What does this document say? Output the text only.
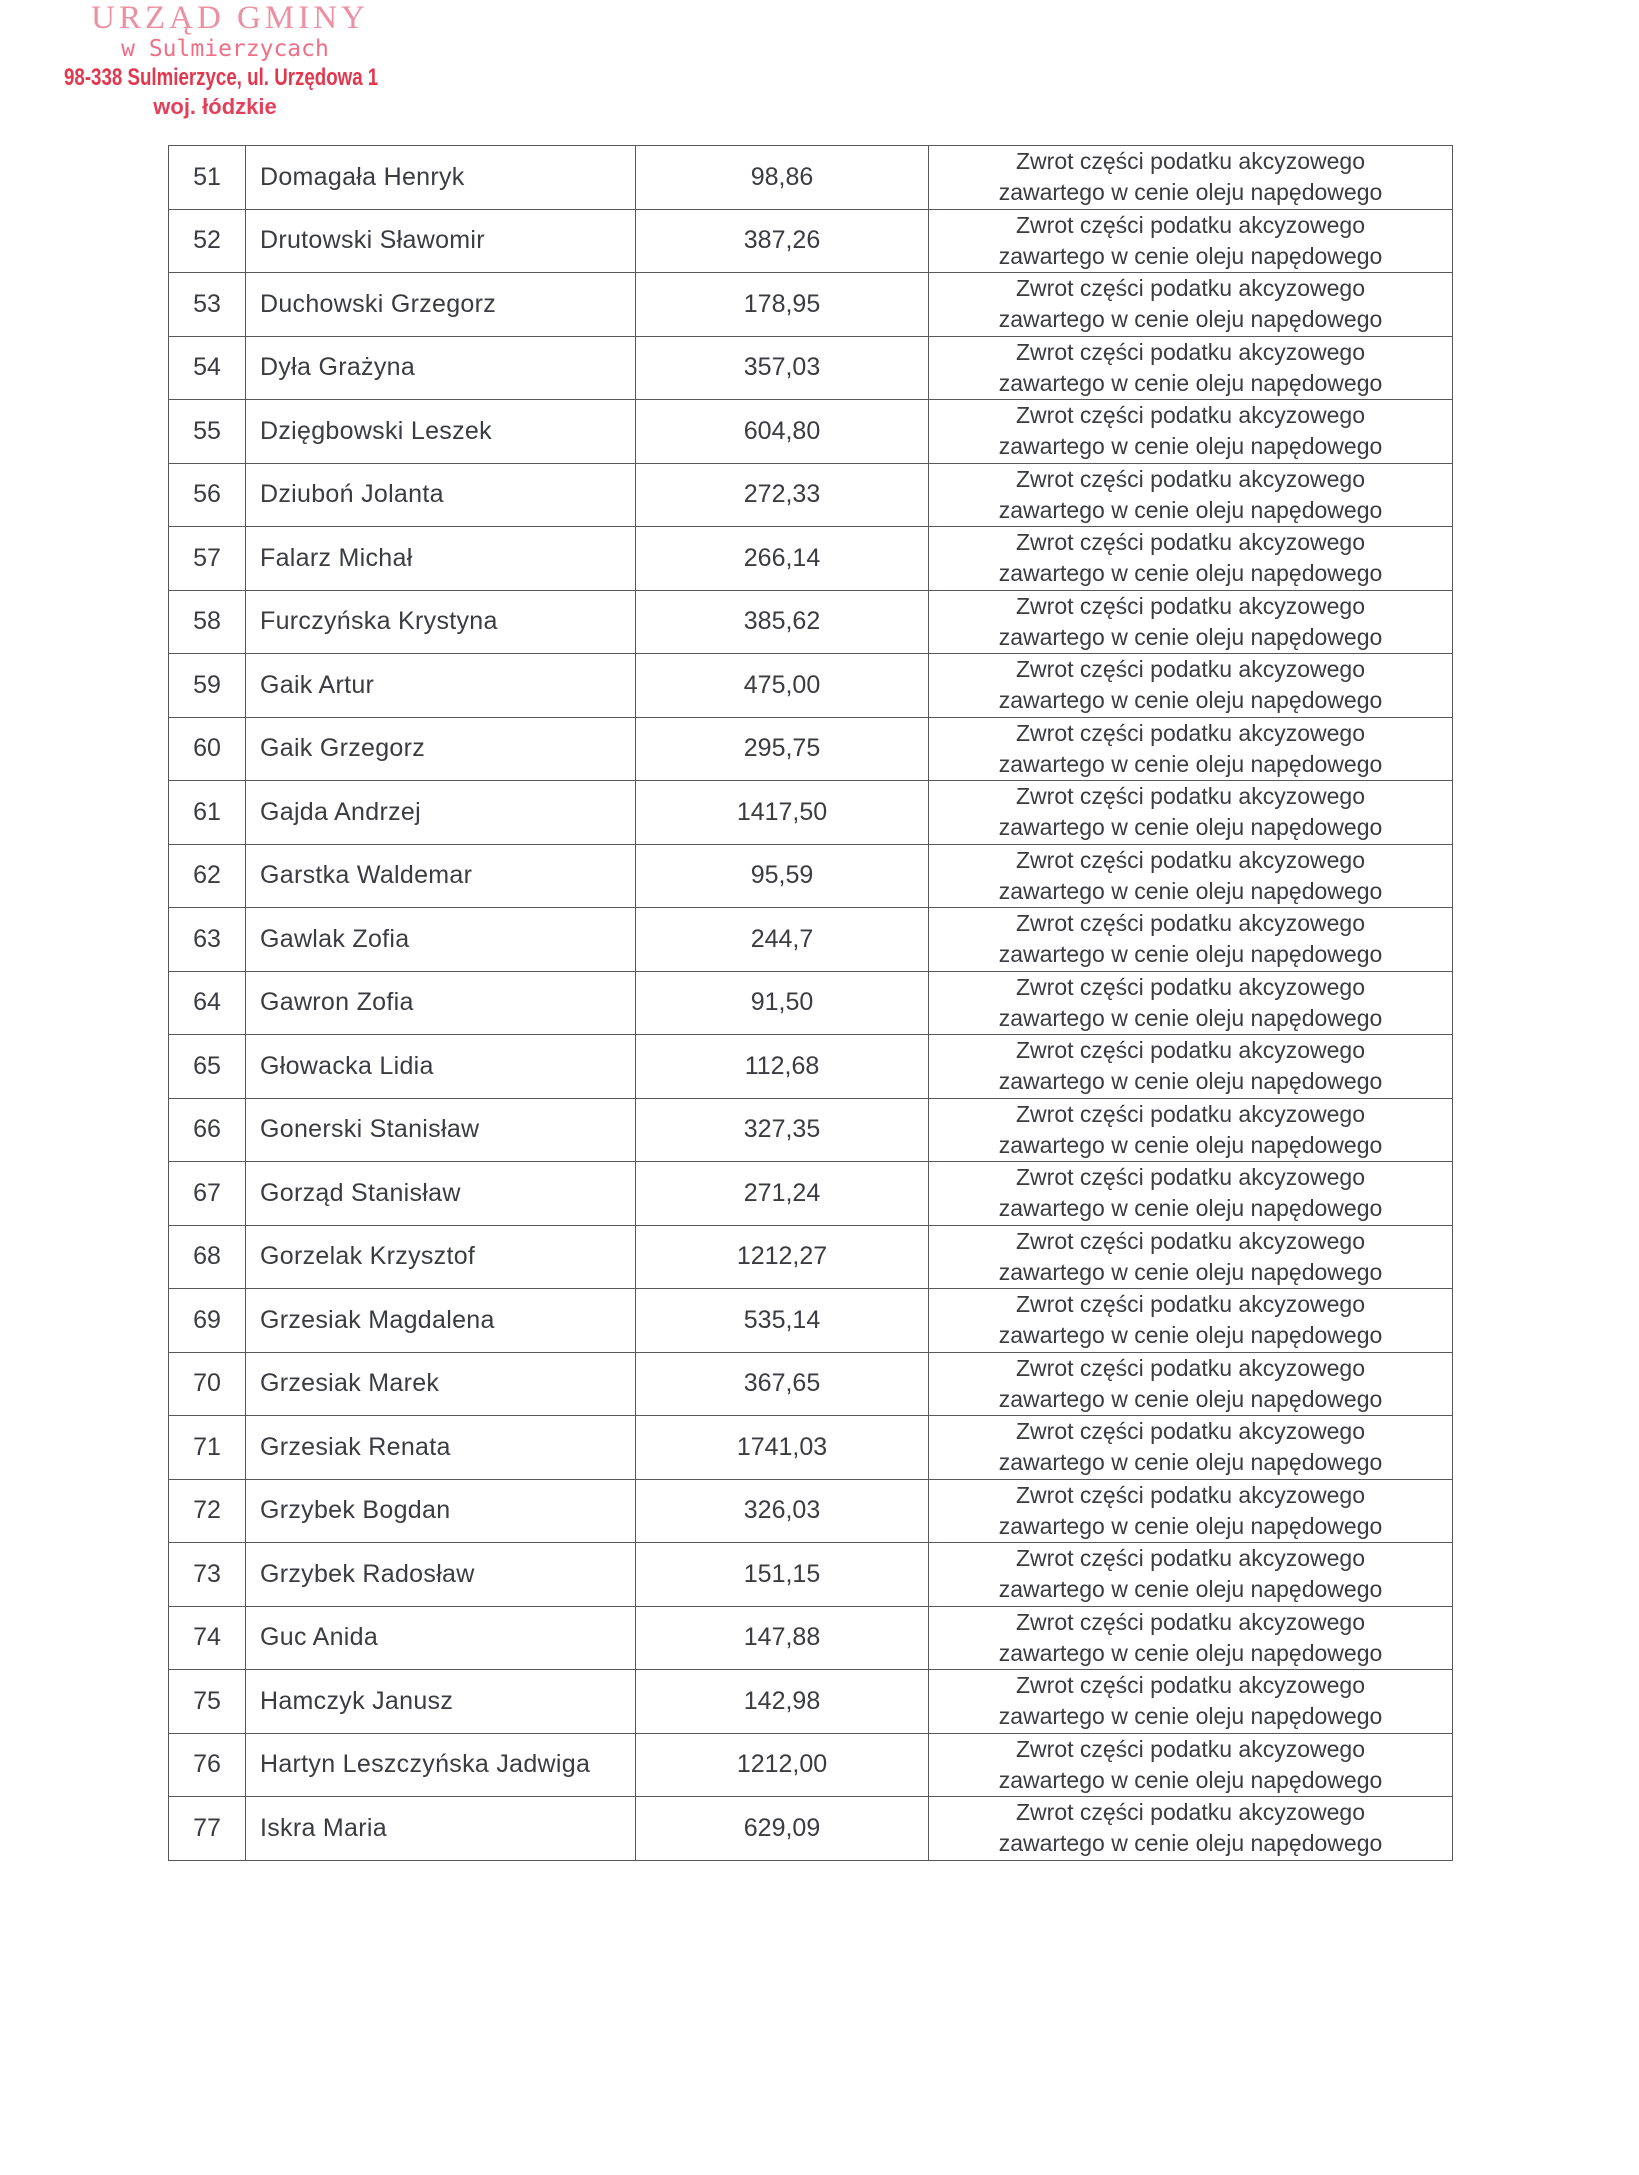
URZĄD GMINY
w Sulmierzycach
98-338 Sulmierzyce, ul. Urzędowa 1
woj. łódzkie
51	Domagała Henryk	98,86	Zwrot części podatku akcyzowego
zawartego w cenie oleju napędowego

52	Drutowski Sławomir	387,26	Zwrot części podatku akcyzowego
zawartego w cenie oleju napędowego

53	Duchowski Grzegorz	178,95	Zwrot części podatku akcyzowego
zawartego w cenie oleju napędowego

54	Dyła Grażyna	357,03	Zwrot części podatku akcyzowego
zawartego w cenie oleju napędowego

55	Dzięgbowski Leszek	604,80	Zwrot części podatku akcyzowego
zawartego w cenie oleju napędowego

56	Dziuboń Jolanta	272,33	Zwrot części podatku akcyzowego
zawartego w cenie oleju napędowego

57	Falarz Michał	266,14	Zwrot części podatku akcyzowego
zawartego w cenie oleju napędowego

58	Furczyńska Krystyna	385,62	Zwrot części podatku akcyzowego
zawartego w cenie oleju napędowego

59	Gaik Artur	475,00	Zwrot części podatku akcyzowego
zawartego w cenie oleju napędowego

60	Gaik Grzegorz	295,75	Zwrot części podatku akcyzowego
zawartego w cenie oleju napędowego

61	Gajda Andrzej	1417,50	Zwrot części podatku akcyzowego
zawartego w cenie oleju napędowego

62	Garstka Waldemar	95,59	Zwrot części podatku akcyzowego
zawartego w cenie oleju napędowego

63	Gawlak Zofia	244,7	Zwrot części podatku akcyzowego
zawartego w cenie oleju napędowego

64	Gawron Zofia	91,50	Zwrot części podatku akcyzowego
zawartego w cenie oleju napędowego

65	Głowacka Lidia	112,68	Zwrot części podatku akcyzowego
zawartego w cenie oleju napędowego

66	Gonerski Stanisław	327,35	Zwrot części podatku akcyzowego
zawartego w cenie oleju napędowego

67	Gorząd Stanisław	271,24	Zwrot części podatku akcyzowego
zawartego w cenie oleju napędowego

68	Gorzelak Krzysztof	1212,27	Zwrot części podatku akcyzowego
zawartego w cenie oleju napędowego

69	Grzesiak Magdalena	535,14	Zwrot części podatku akcyzowego
zawartego w cenie oleju napędowego

70	Grzesiak Marek	367,65	Zwrot części podatku akcyzowego
zawartego w cenie oleju napędowego

71	Grzesiak Renata	1741,03	Zwrot części podatku akcyzowego
zawartego w cenie oleju napędowego

72	Grzybek Bogdan	326,03	Zwrot części podatku akcyzowego
zawartego w cenie oleju napędowego

73	Grzybek Radosław	151,15	Zwrot części podatku akcyzowego
zawartego w cenie oleju napędowego

74	Guc Anida	147,88	Zwrot części podatku akcyzowego
zawartego w cenie oleju napędowego

75	Hamczyk Janusz	142,98	Zwrot części podatku akcyzowego
zawartego w cenie oleju napędowego

76	Hartyn Leszczyńska Jadwiga	1212,00	Zwrot części podatku akcyzowego
zawartego w cenie oleju napędowego

77	Iskra Maria	629,09	Zwrot części podatku akcyzowego
zawartego w cenie oleju napędowego
